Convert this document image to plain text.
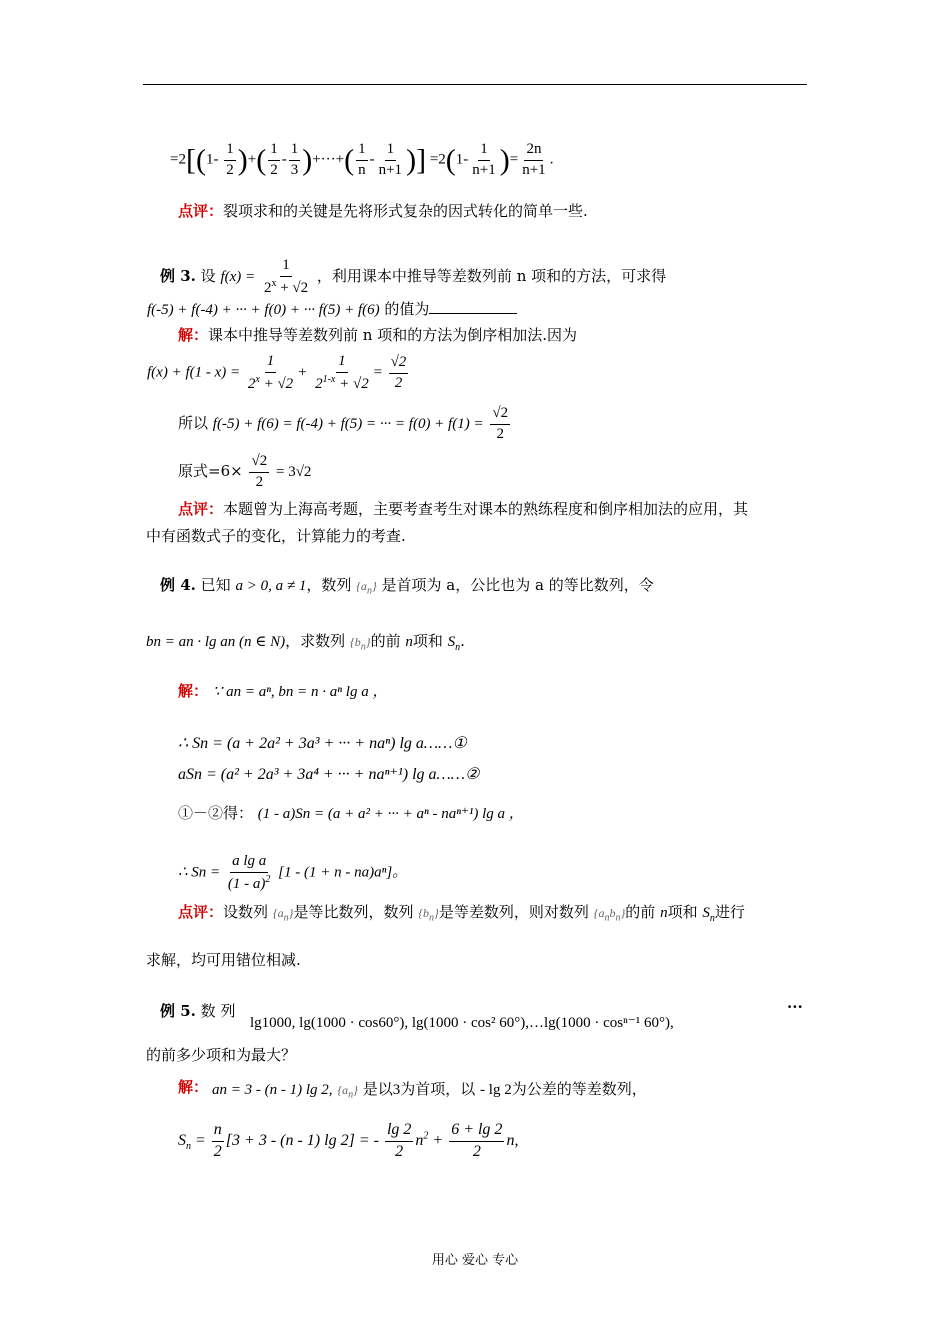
$=2[(1- \frac{1}{2}$ )+( $\frac{1}{2} - \frac{1}{3}$ )+···+( $\frac{1}{n} - \frac{1}{n+1}$ )] $=2(1- \frac{1}{n+1}$ )= $\frac{2n}{n+1}$ .
点评：裂项求和的关键是先将形式复杂的因式转化的简单一些.
例 3. 设 $f(x) = \frac{1}{2^x + √2}$ ，利用课本中推导等差数列前 n 项和的方法，可求得
f(-5) + f(-4) + ··· + f(0) + ··· f(5) + f(6) 的值为
解：课本中推导等差数列前 n 项和的方法为倒序相加法.因为
$f(x) + f(1 - x) = \frac{1}{2^x + √2} + \frac{1}{2^{1-x} + √2} = \frac{√2}{2}$
所以 f(-5) + f(6) = f(-4) + f(5) = ··· = $f(0) + f(1) = \frac{√2}{2}$
原式$=6\times \frac{√2}{2} = 3√2$
点评：本题曾为上海高考题，主要考查考生对课本的熟练程度和倒序相加法的应用，其
中有函数式子的变化，计算能力的考查.
例 4. 已知 a > 0, a ≠ 1，数列 $\{a_n\}$ 是首项为 a，公比也为 a 的等比数列，令
bn = an · lg an (n ∈ N)，求数列 $\{b_n\}$的前 n项和 $S_n$.
解： ∵ an = aⁿ, bn = n · aⁿ lg a ，
∴ Sn = (a + 2a² + 3a³ + ··· + naⁿ) lg a……①
aSn = (a² + 2a³ + 3a⁴ + ··· + naⁿ⁺¹) lg a……②
①－②得： (1 - a)Sn = (a + a² + ··· + aⁿ - naⁿ⁺¹) lg a ，
∴ $Sn = \frac{\text{a lg a}}{(1 - a)^2} [1 - (1 + n - na)a^n]$。
点评：设数列 $\{a_n\}$是等比数列，数列 $\{b_n\}$是等差数列，则对数列 $\{a_nb_n\}$的前 n项和 $S_n$进行
求解，均可用错位相减.
例 5. 数 列
lg1000, lg(1000 · cos60°), lg(1000 · cos² 60°),…lg(1000 · cosⁿ⁻¹ 60°),
···
的前多少项和为最大？
解： an = 3 - (n - 1) lg 2, $\{a_n\}$ 是以3为首项，以 - lg 2为公差的等差数列，
$S_n = \frac{n}{2} [3 + 3 - (n - 1)$ lg 2] = - $\frac{\lg 2}{2} n^2 + \frac{6 + \lg 2}{2} n$,
用心 爱心 专心
